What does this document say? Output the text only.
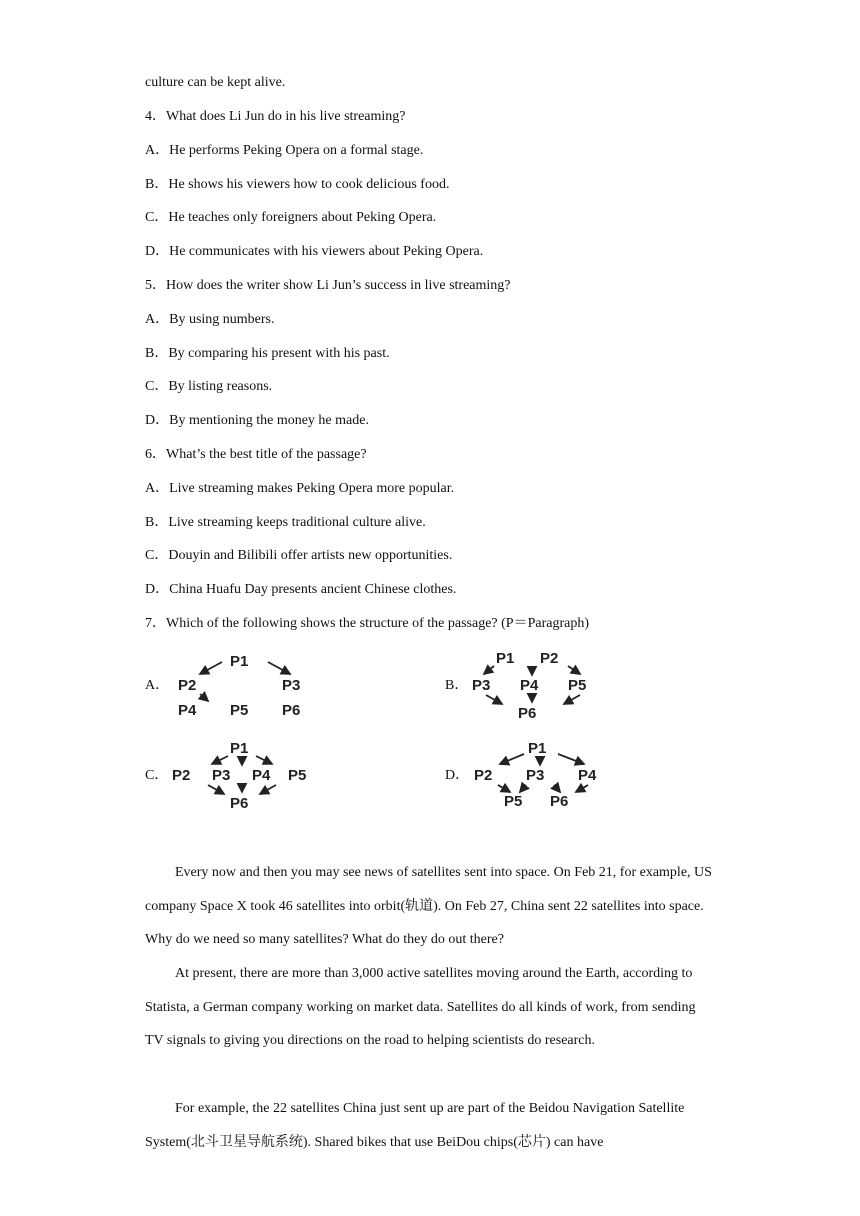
culture can be kept alive.
4．What does Li Jun do in his live streaming?
A．He performs Peking Opera on a formal stage.
B．He shows his viewers how to cook delicious food.
C．He teaches only foreigners about Peking Opera.
D．He communicates with his viewers about Peking Opera.
5．How does the writer show Li Jun’s success in live streaming?
A．By using numbers.
B．By comparing his present with his past.
C．By listing reasons.
D．By mentioning the money he made.
6．What’s the best title of the passage?
A．Live streaming makes Peking Opera more popular.
B．Live streaming keeps traditional culture alive.
C．Douyin and Bilibili offer artists new opportunities.
D．China Huafu Day presents ancient Chinese clothes.
7．Which of the following shows the structure of the passage? (P＝Paragraph)
A．
P1
P2	P3
P4 P5 P6
B．
P1 P2
P3 P4 P5
P6
C．
P1
P2 P3 P4 P5
P6
D．
P1
P2 P3 P4
P5 P6
Every now and then you may see news of satellites sent into space. On Feb 21, for example, US company Space X took 46 satellites into orbit(轨道). On Feb 27, China sent 22 satellites into space. Why do we need so many satellites? What do they do out there?
At present, there are more than 3,000 active satellites moving around the Earth, according to Statista, a German company working on market data. Satellites do all kinds of work, from sending TV signals to giving you directions on the road to helping scientists do research.
For example, the 22 satellites China just sent up are part of the Beidou Navigation Satellite System(北斗卫星导航系统). Shared bikes that use BeiDou chips(芯片) can have
